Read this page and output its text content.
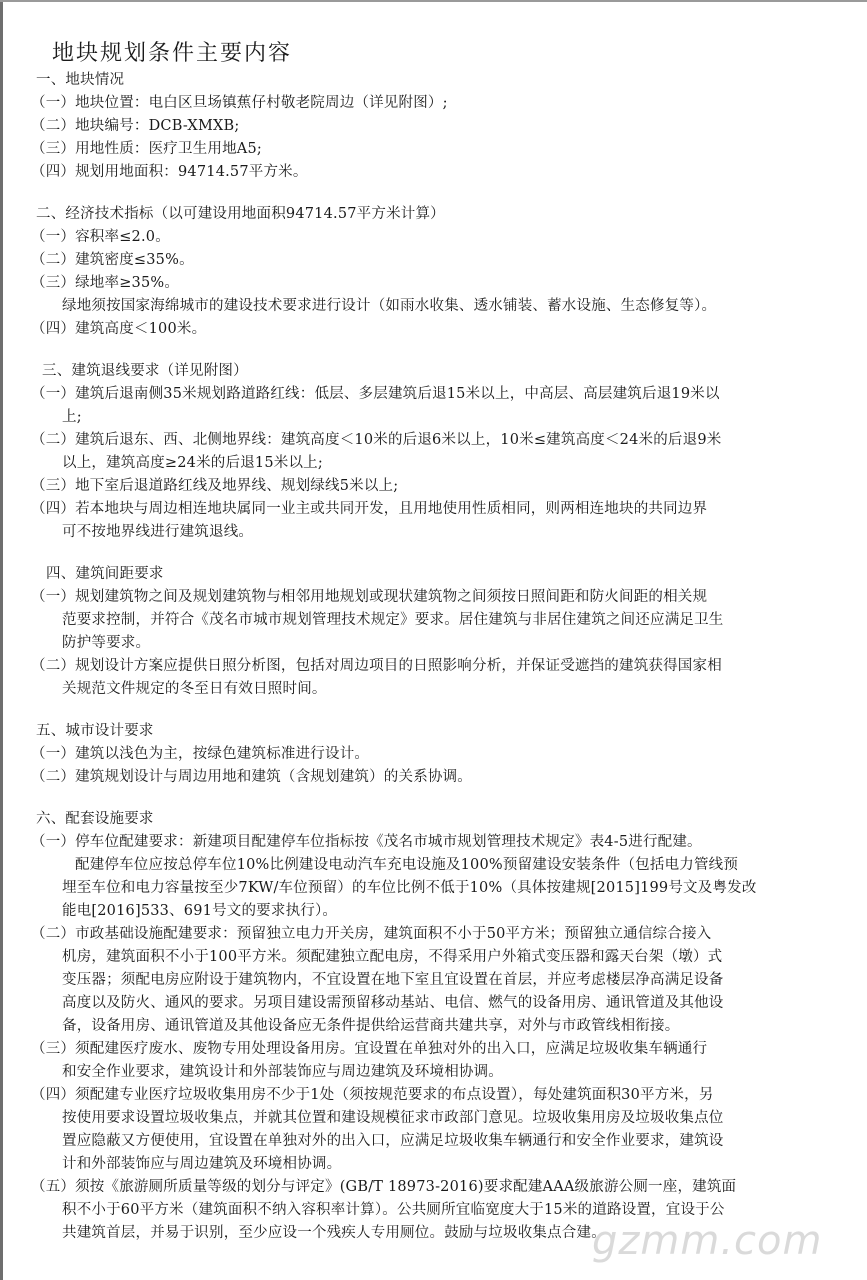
地块规划条件主要内容
一、地块情况
（一）地块位置：电白区旦场镇蕉仔村敬老院周边（详见附图）;
（二）地块编号：DCB-XMXB;
（三）用地性质：医疗卫生用地A5;
（四）规划用地面积：94714.57平方米。
二、经济技术指标（以可建设用地面积94714.57平方米计算）
（一）容积率≤2.0。
（二）建筑密度≤35%。
（三）绿地率≥35%。
绿地须按国家海绵城市的建设技术要求进行设计（如雨水收集、透水铺装、蓄水设施、生态修复等）。
（四）建筑高度＜100米。
三、建筑退线要求（详见附图）
（一）建筑后退南侧35米规划路道路红线：低层、多层建筑后退15米以上，中高层、高层建筑后退19米以
上;
（二）建筑后退东、西、北侧地界线：建筑高度＜10米的后退6米以上，10米≤建筑高度＜24米的后退9米
以上，建筑高度≥24米的后退15米以上;
（三）地下室后退道路红线及地界线、规划绿线5米以上;
（四）若本地块与周边相连地块属同一业主或共同开发，且用地使用性质相同，则两相连地块的共同边界
可不按地界线进行建筑退线。
四、建筑间距要求
（一）规划建筑物之间及规划建筑物与相邻用地规划或现状建筑物之间须按日照间距和防火间距的相关规
范要求控制，并符合《茂名市城市规划管理技术规定》要求。居住建筑与非居住建筑之间还应满足卫生
防护等要求。
（二）规划设计方案应提供日照分析图，包括对周边项目的日照影响分析，并保证受遮挡的建筑获得国家相
关规范文件规定的冬至日有效日照时间。
五、城市设计要求
（一）建筑以浅色为主，按绿色建筑标准进行设计。
（二）建筑规划设计与周边用地和建筑（含规划建筑）的关系协调。
六、配套设施要求
（一）停车位配建要求：新建项目配建停车位指标按《茂名市城市规划管理技术规定》表4-5进行配建。
配建停车位应按总停车位10%比例建设电动汽车充电设施及100%预留建设安装条件（包括电力管线预
埋至车位和电力容量按至少7KW/车位预留）的车位比例不低于10%（具体按建规[2015]199号文及粤发改
能电[2016]533、691号文的要求执行）。
（二）市政基础设施配建要求：预留独立电力开关房，建筑面积不小于50平方米；预留独立通信综合接入
机房，建筑面积不小于100平方米。须配建独立配电房，不得采用户外箱式变压器和露天台架（墩）式
变压器；须配电房应附设于建筑物内，不宜设置在地下室且宜设置在首层，并应考虑楼层净高满足设备
高度以及防火、通风的要求。另项目建设需预留移动基站、电信、燃气的设备用房、通讯管道及其他设
备，设备用房、通讯管道及其他设备应无条件提供给运营商共建共享，对外与市政管线相衔接。
（三）须配建医疗废水、废物专用处理设备用房。宜设置在单独对外的出入口，应满足垃圾收集车辆通行
和安全作业要求，建筑设计和外部装饰应与周边建筑及环境相协调。
（四）须配建专业医疗垃圾收集用房不少于1处（须按规范要求的布点设置），每处建筑面积30平方米，另
按使用要求设置垃圾收集点，并就其位置和建设规模征求市政部门意见。垃圾收集用房及垃圾收集点位
置应隐蔽又方便使用，宜设置在单独对外的出入口，应满足垃圾收集车辆通行和安全作业要求，建筑设
计和外部装饰应与周边建筑及环境相协调。
（五）须按《旅游厕所质量等级的划分与评定》(GB/T 18973-2016)要求配建AAA级旅游公厕一座，建筑面
积不小于60平方米（建筑面积不纳入容积率计算）。公共厕所宜临宽度大于15米的道路设置，宜设于公
共建筑首层，并易于识别，至少应设一个残疾人专用厕位。鼓励与垃圾收集点合建。
gzmm.com
